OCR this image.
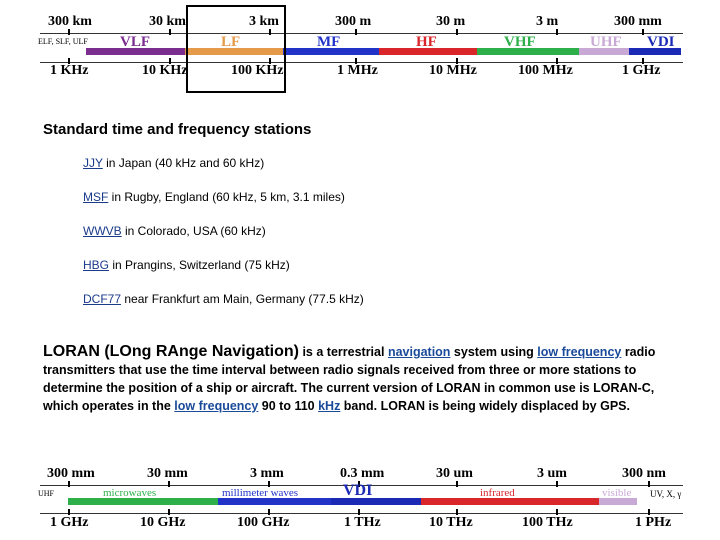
300 km	30 km	3 km	300 m	30 m	3 m	300 mm
ELF, SLF, ULF VLF	LF	MF	HF	VHF	UHF VDI
1 KHz	10 KHz	100 KHz	1 MHz	10 MHz	100 MHz	1 GHz
Standard time and frequency stations
JJY in Japan (40 kHz and 60 kHz)
MSF in Rugby, England (60 kHz, 5 km, 3.1 miles)
WWVB in Colorado, USA (60 kHz)
HBG in Prangins, Switzerland (75 kHz)
DCF77 near Frankfurt am Main, Germany (77.5 kHz)
LORAN (LOng RAnge Navigation) is a terrestrial navigation system using low frequency radio transmitters that use the time interval between radio signals received from three or more stations to determine the position of a ship or aircraft. The current version of LORAN in common use is LORAN-C, which operates in the low frequency 90 to 110 kHz band. LORAN is being widely displaced by GPS.
300 mm	30 mm	3 mm	0.3 mm	30 um	3 um	300 nm
UHF	UV, X, γ
microwaves	millimeter waves	VDI	infrared	visible
1 GHz	10 GHz	100 GHz	1 THz	10 THz	100 THz	1 PHz
